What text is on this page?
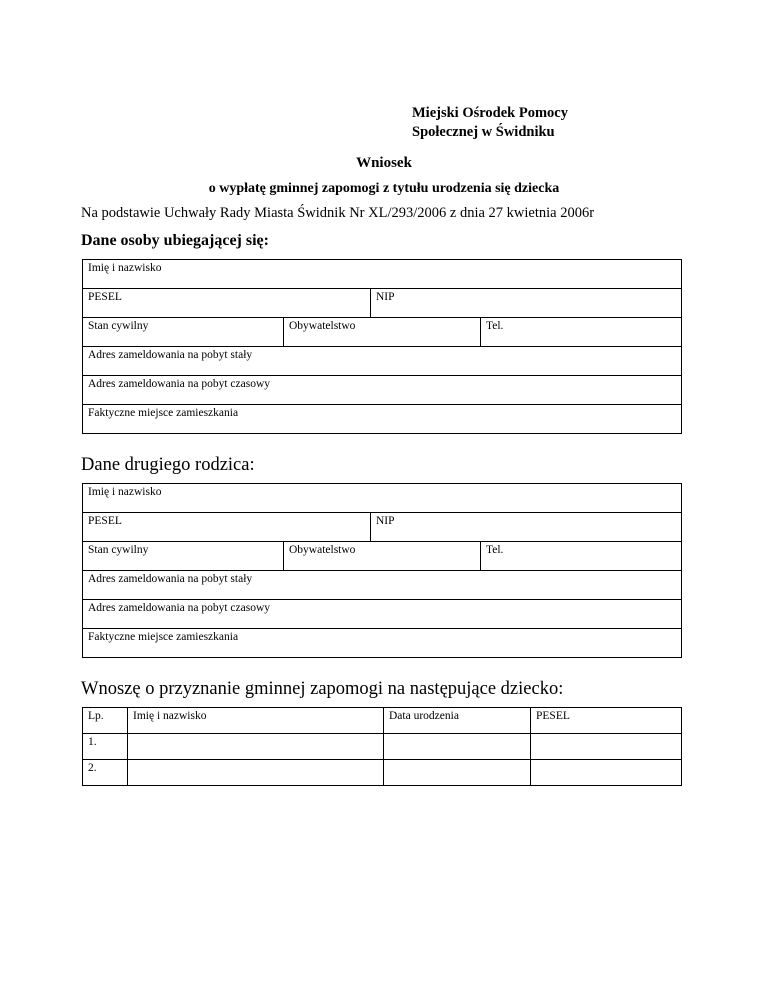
Miejski Ośrodek Pomocy
Społecznej w Świdniku
Wniosek
o wypłatę gminnej zapomogi z tytułu urodzenia się dziecka
Na podstawie Uchwały Rady Miasta Świdnik Nr XL/293/2006 z dnia 27 kwietnia 2006r
Dane osoby ubiegającej się:
Imię i nazwisko
PESEL	NIP
Stan cywilny	Obywatelstwo	Tel.
Adres zameldowania na pobyt stały
Adres zameldowania na pobyt czasowy
Faktyczne miejsce zamieszkania
Dane drugiego rodzica:
Imię i nazwisko
PESEL	NIP
Stan cywilny	Obywatelstwo	Tel.
Adres zameldowania na pobyt stały
Adres zameldowania na pobyt czasowy
Faktyczne miejsce zamieszkania
Wnoszę o przyznanie gminnej zapomogi na następujące dziecko:
Lp.	Imię i nazwisko	Data urodzenia	PESEL
1.			
2.			
